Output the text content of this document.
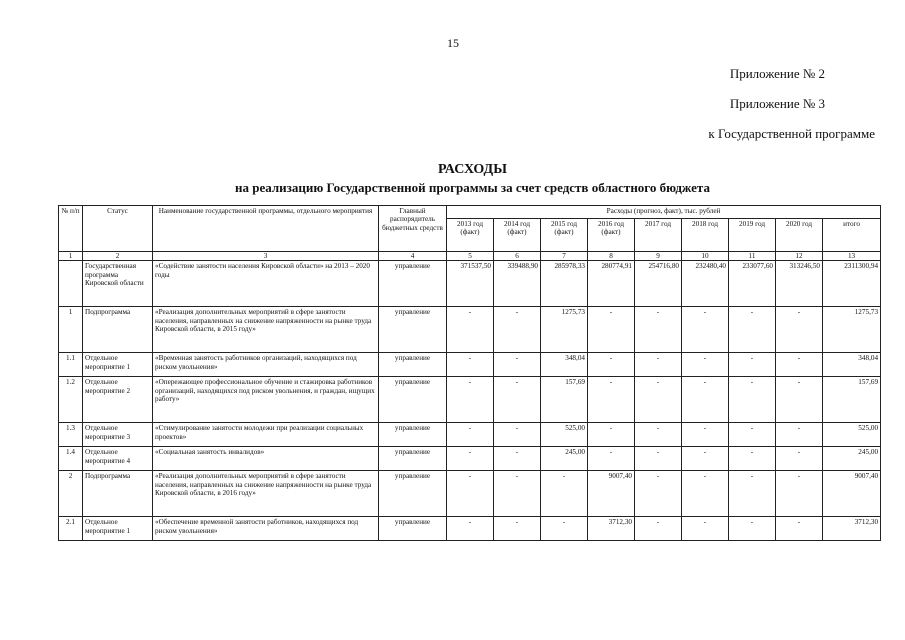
15
Приложение № 2
Приложение № 3
к Государственной программе
РАСХОДЫ
на реализацию Государственной программы за счет средств областного бюджета
№ п/п	Статус	Наименование государственной программы, отдельного мероприятия	Главный распорядитель бюджетных средств	Расходы (прогноз, факт), тыс. рублей								
				2013 год (факт)	2014 год (факт)	2015 год (факт)	2016 год (факт)	2017 год	2018 год	2019 год	2020 год	итого
1	2	3	4	5	6	7	8	9	10	11	12	13
	Государственная программа Кировской области	«Содействие занятости населения Кировской области» на 2013 – 2020 годы	управление	371537,50	339488,90	285978,33	280774,91	254716,80	232480,40	233077,60	313246,50	2311300,94
1	Подпрограмма	«Реализация дополнительных мероприятий в сфере занятости населения, направленных на снижение напряженности на рынке труда Кировской области, в 2015 году»	управление	-	-	1275,73	-	-	-	-	-	1275,73
1.1	Отдельное мероприятие 1	«Временная занятость работников организаций, находящихся под риском увольнения»	управление	-	-	348,04	-	-	-	-	-	348,04
1.2	Отдельное мероприятие 2	«Опережающее профессиональное обучение и стажировка работников организаций, находящихся под риском увольнения, и граждан, ищущих работу»	управление	-	-	157,69	-	-	-	-	-	157,69
1.3	Отдельное мероприятие 3	«Стимулирование занятости молодежи при реализации социальных проектов»	управление	-	-	525,00	-	-	-	-	-	525,00
1.4	Отдельное мероприятие 4	«Социальная занятость инвалидов»	управление	-	-	245,00	-	-	-	-	-	245,00
2	Подпрограмма	«Реализация дополнительных мероприятий в сфере занятости населения, направленных на снижение напряженности на рынке труда Кировской области, в 2016 году»	управление	-	-	-	9007,40	-	-	-	-	9007,40
2.1	Отдельное мероприятие 1	«Обеспечение временной занятости работников, находящихся под риском увольнения»	управление	-	-	-	3712,30	-	-	-	-	3712,30
